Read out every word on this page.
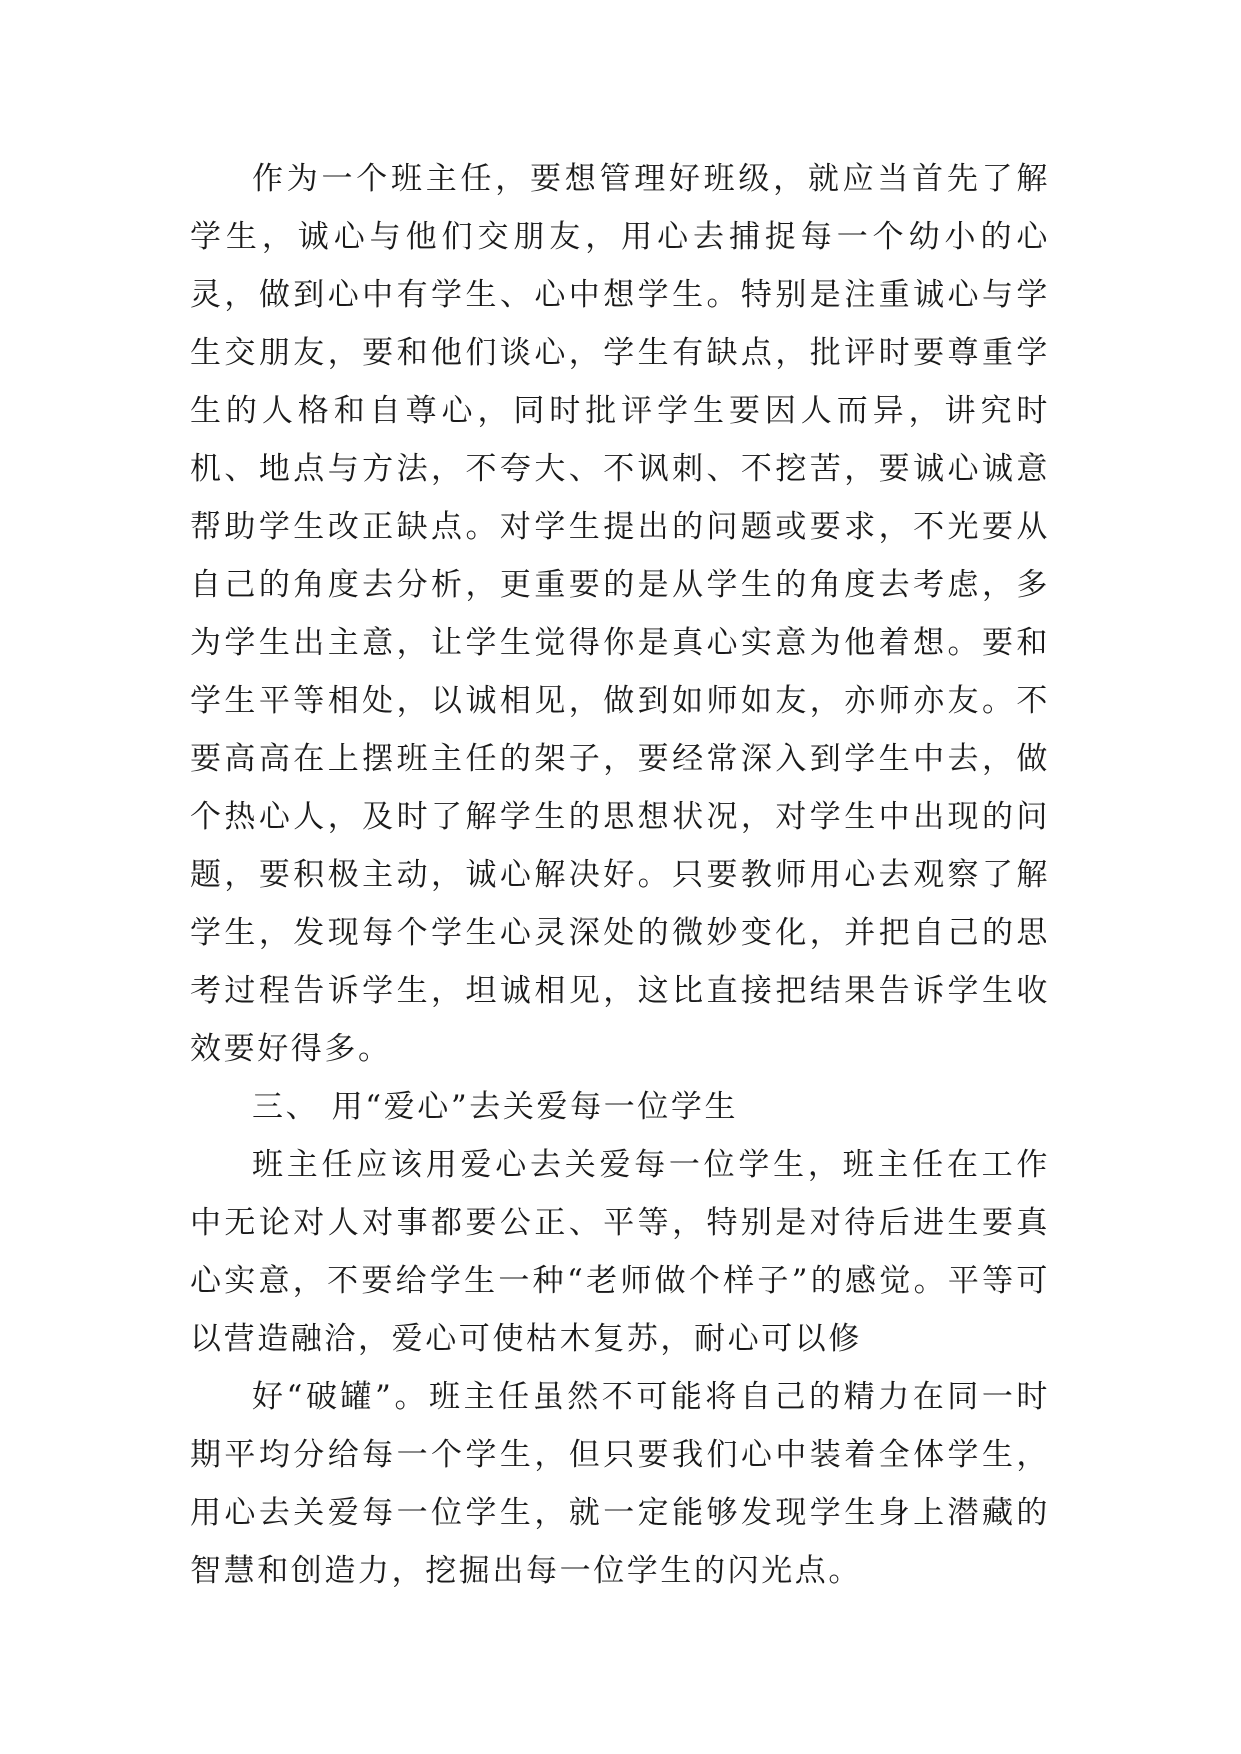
作为一个班主任，要想管理好班级，就应当首先了解学生，诚心与他们交朋友，用心去捕捉每一个幼小的心灵，做到心中有学生、心中想学生。特别是注重诚心与学生交朋友，要和他们谈心，学生有缺点，批评时要尊重学生的人格和自尊心，同时批评学生要因人而异，讲究时机、地点与方法，不夸大、不讽刺、不挖苦，要诚心诚意帮助学生改正缺点。对学生提出的问题或要求，不光要从自己的角度去分析，更重要的是从学生的角度去考虑，多为学生出主意，让学生觉得你是真心实意为他着想。要和学生平等相处，以诚相见，做到如师如友，亦师亦友。不要高高在上摆班主任的架子，要经常深入到学生中去，做个热心人，及时了解学生的思想状况，对学生中出现的问题，要积极主动，诚心解决好。只要教师用心去观察了解学生，发现每个学生心灵深处的微妙变化，并把自己的思考过程告诉学生，坦诚相见，这比直接把结果告诉学生收效要好得多。

三、 用“爱心”去关爱每一位学生

班主任应该用爱心去关爱每一位学生，班主任在工作中无论对人对事都要公正、平等，特别是对待后进生要真心实意，不要给学生一种“老师做个样子”的感觉。平等可以营造融洽，爱心可使枯木复苏，耐心可以修

好“破罐”。班主任虽然不可能将自己的精力在同一时期平均分给每一个学生，但只要我们心中装着全体学生，用心去关爱每一位学生，就一定能够发现学生身上潜藏的智慧和创造力，挖掘出每一位学生的闪光点。
